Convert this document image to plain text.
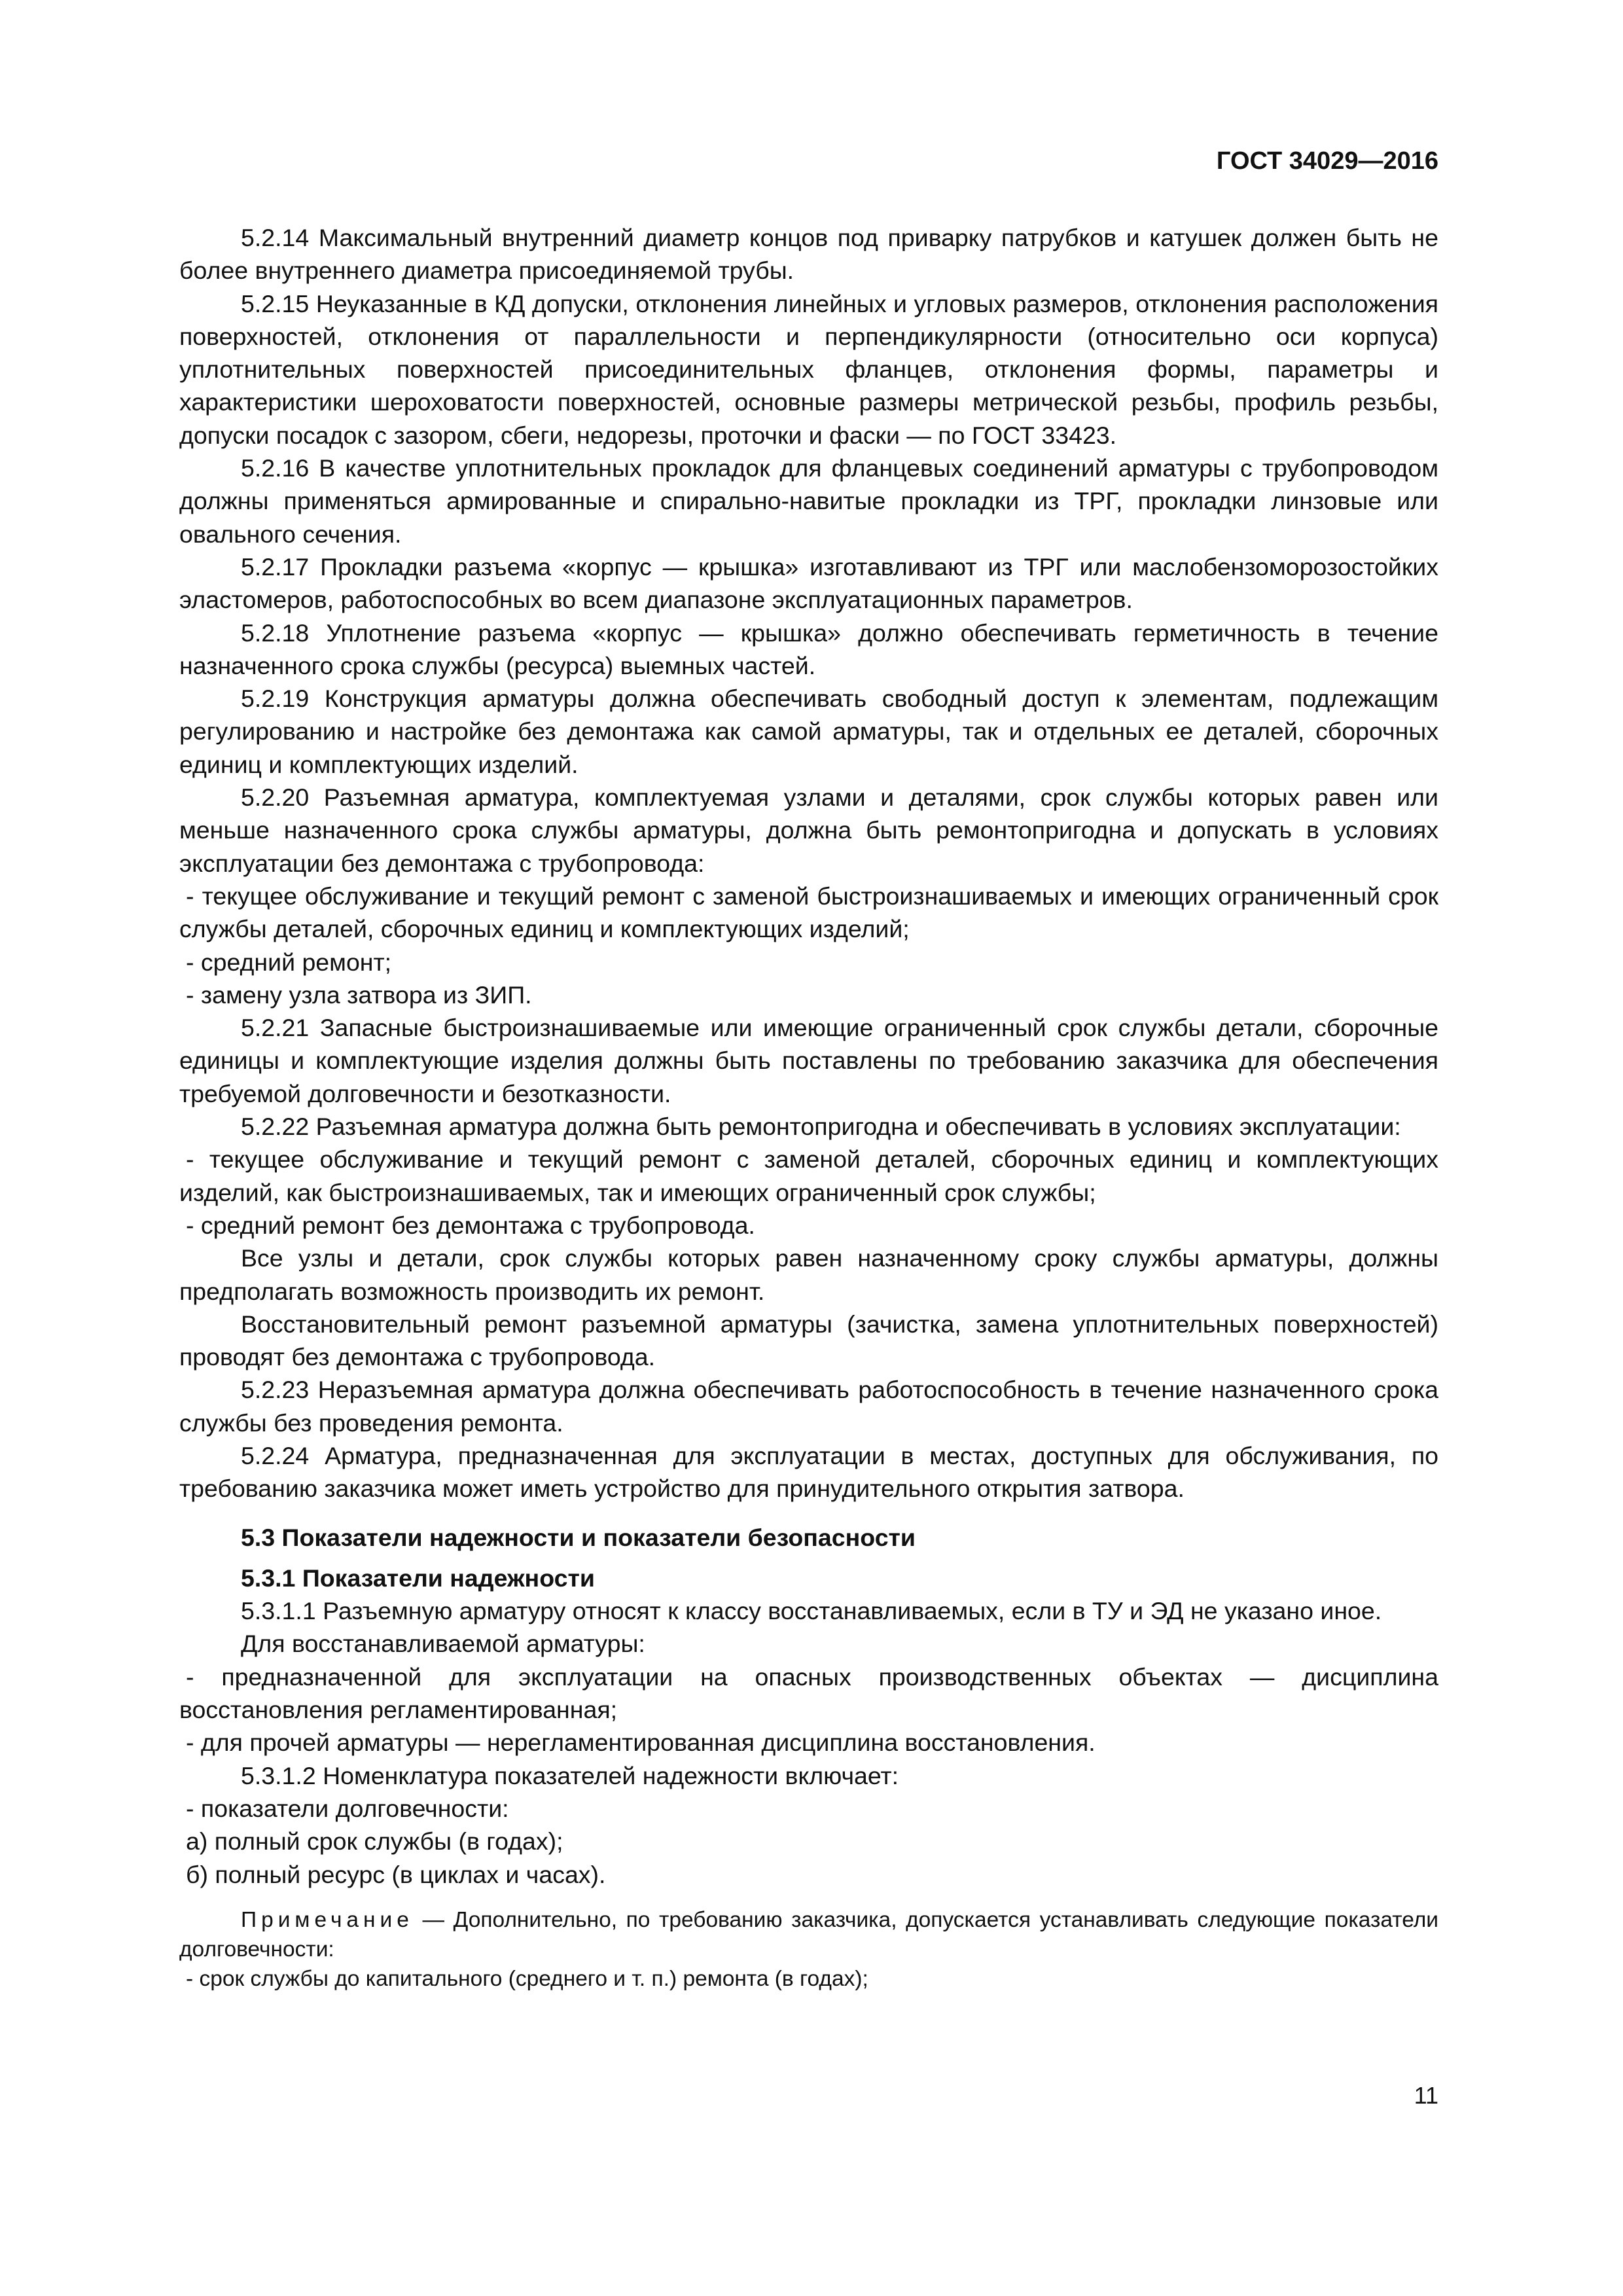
ГОСТ 34029—2016

5.2.14 Максимальный внутренний диаметр концов под приварку патрубков и катушек должен быть не более внутреннего диаметра присоединяемой трубы.

5.2.15 Неуказанные в КД допуски, отклонения линейных и угловых размеров, отклонения расположения поверхностей, отклонения от параллельности и перпендикулярности (относительно оси корпуса) уплотнительных поверхностей присоединительных фланцев, отклонения формы, параметры и характеристики шероховатости поверхностей, основные размеры метрической резьбы, профиль резьбы, допуски посадок с зазором, сбеги, недорезы, проточки и фаски — по ГОСТ 33423.

5.2.16 В качестве уплотнительных прокладок для фланцевых соединений арматуры с трубопроводом должны применяться армированные и спирально-навитые прокладки из ТРГ, прокладки линзовые или овального сечения.

5.2.17 Прокладки разъема «корпус — крышка» изготавливают из ТРГ или маслобензоморозостойких эластомеров, работоспособных во всем диапазоне эксплуатационных параметров.

5.2.18 Уплотнение разъема «корпус — крышка» должно обеспечивать герметичность в течение назначенного срока службы (ресурса) выемных частей.

5.2.19 Конструкция арматуры должна обеспечивать свободный доступ к элементам, подлежащим регулированию и настройке без демонтажа как самой арматуры, так и отдельных ее деталей, сборочных единиц и комплектующих изделий.

5.2.20 Разъемная арматура, комплектуемая узлами и деталями, срок службы которых равен или меньше назначенного срока службы арматуры, должна быть ремонтопригодна и допускать в условиях эксплуатации без демонтажа с трубопровода:

- текущее обслуживание и текущий ремонт с заменой быстроизнашиваемых и имеющих ограниченный срок службы деталей, сборочных единиц и комплектующих изделий;

- средний ремонт;

- замену узла затвора из ЗИП.

5.2.21 Запасные быстроизнашиваемые или имеющие ограниченный срок службы детали, сборочные единицы и комплектующие изделия должны быть поставлены по требованию заказчика для обеспечения требуемой долговечности и безотказности.

5.2.22 Разъемная арматура должна быть ремонтопригодна и обеспечивать в условиях эксплуатации:

- текущее обслуживание и текущий ремонт с заменой деталей, сборочных единиц и комплектующих изделий, как быстроизнашиваемых, так и имеющих ограниченный срок службы;

- средний ремонт без демонтажа с трубопровода.

Все узлы и детали, срок службы которых равен назначенному сроку службы арматуры, должны предполагать возможность производить их ремонт.

Восстановительный ремонт разъемной арматуры (зачистка, замена уплотнительных поверхностей) проводят без демонтажа с трубопровода.

5.2.23 Неразъемная арматура должна обеспечивать работоспособность в течение назначенного срока службы без проведения ремонта.

5.2.24 Арматура, предназначенная для эксплуатации в местах, доступных для обслуживания, по требованию заказчика может иметь устройство для принудительного открытия затвора.

5.3 Показатели надежности и показатели безопасности

5.3.1 Показатели надежности

5.3.1.1 Разъемную арматуру относят к классу восстанавливаемых, если в ТУ и ЭД не указано иное.

Для восстанавливаемой арматуры:

- предназначенной для эксплуатации на опасных производственных объектах — дисциплина восстановления регламентированная;

- для прочей арматуры — нерегламентированная дисциплина восстановления.

5.3.1.2 Номенклатура показателей надежности включает:

- показатели долговечности:

а) полный срок службы (в годах);

б) полный ресурс (в циклах и часах).

Примечание — Дополнительно, по требованию заказчика, допускается устанавливать следующие показатели долговечности:

- срок службы до капитального (среднего и т. п.) ремонта (в годах);

11
